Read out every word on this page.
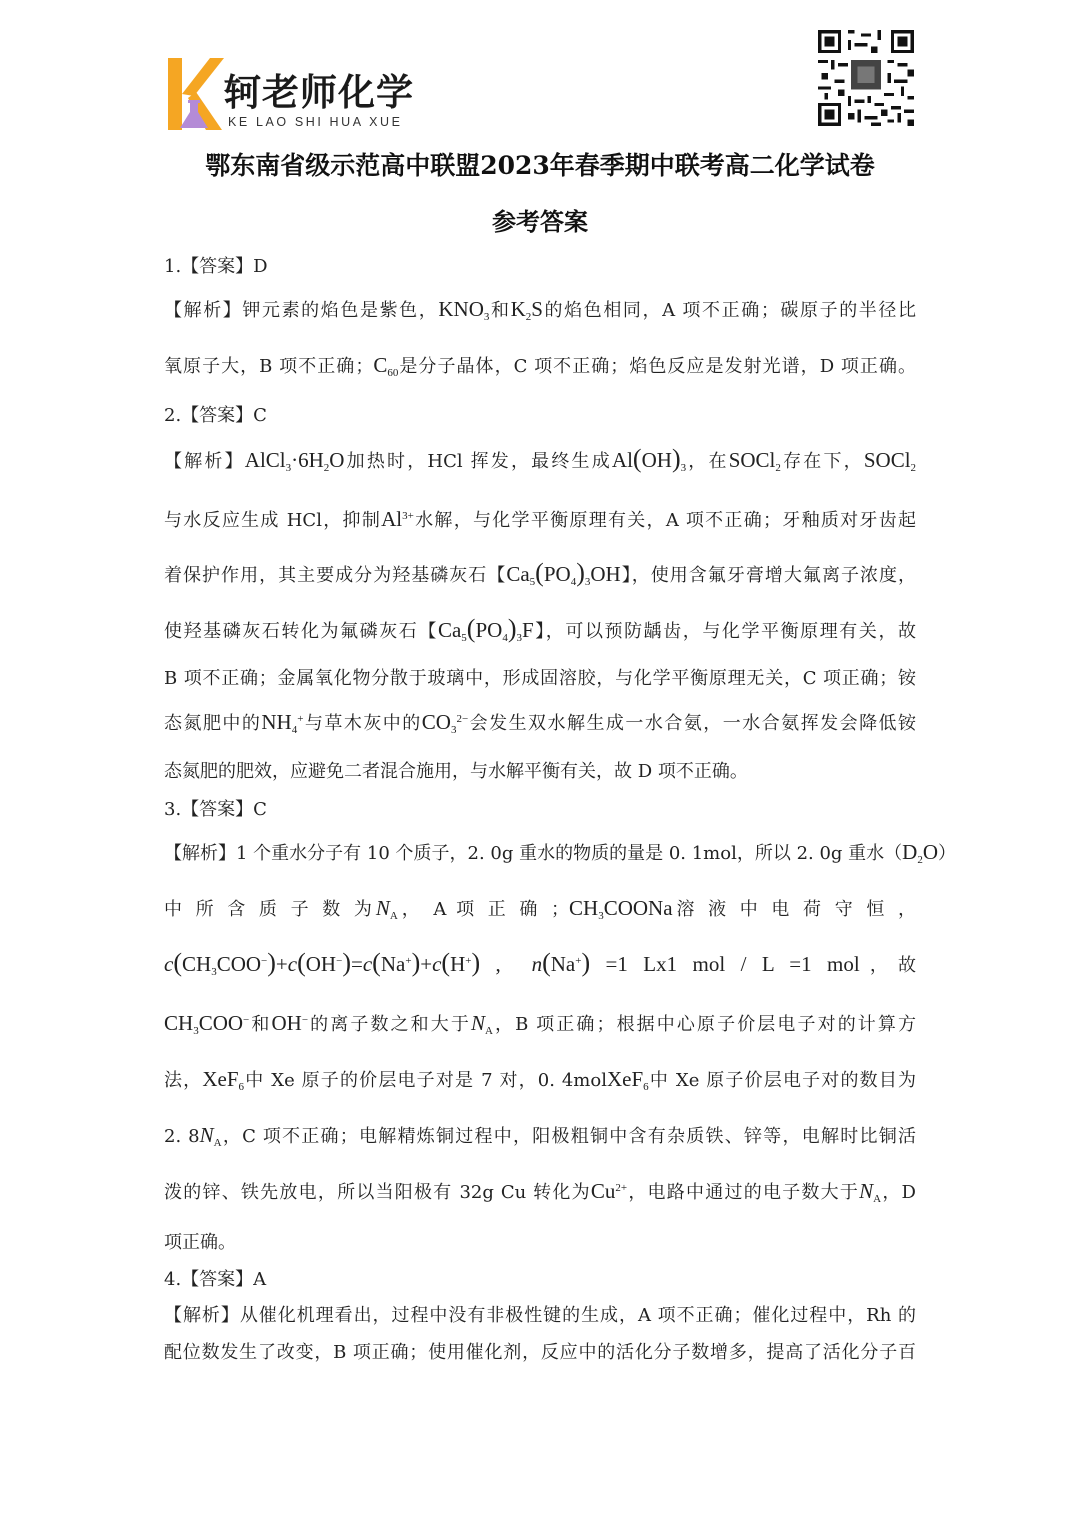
轲老师化学
KE LAO SHI HUA XUE
鄂东南省级示范高中联盟2023年春季期中联考高二化学试卷
参考答案
1.【答案】D
【解析】钾元素的焰色是紫色，$KNO_3$和$K_2S$的焰色相同，A 项不正确；碳原子的半径比
氧原子大，B 项不正确；$C_{60}$是分子晶体，C 项不正确；焰色反应是发射光谱，D 项正确。
2.【答案】C
【解析】$AlCl_3\cdot 6H_2O$加热时，HCl 挥发，最终生成$Al(OH)_3$，在SOCl$_2$存在下，SOCl$_2$
与水反应生成 HCl，抑制$Al^{3+}$水解，与化学平衡原理有关，A 项不正确；牙釉质对牙齿起
着保护作用，其主要成分为羟基磷灰石【$Ca_5(PO_4)_3OH$】，使用含氟牙膏增大氟离子浓度，
使羟基磷灰石转化为氟磷灰石【$Ca_5(PO_4)_3F$】，可以预防龋齿，与化学平衡原理有关，故
B 项不正确；金属氧化物分散于玻璃中，形成固溶胶，与化学平衡原理无关，C 项正确；铵
态氮肥中的$NH_4^+$与草木灰中的$CO_3^{2-}$会发生双水解生成一水合氨，一水合氨挥发会降低铵
态氮肥的肥效，应避免二者混合施用，与水解平衡有关，故 D 项不正确。
3.【答案】C
【解析】1 个重水分子有 10 个质子，2. 0g 重水的物质的量是 0. 1mol，所以 2. 0g 重水$(D_2O)$
中 所 含 质 子 数 为$N_A$， A 项 正 确 ；$CH_3COONa$溶 液 中 电 荷 守 恒 ，
$c(CH_3COO^-)+c(OH^-)=c(Na^+)+c(H^+)$ ,  n(Na+) =1 Lx1 mol / L =1 mol，故
$CH_3COO^-$和OH−的离子数之和大于$N_A$，B 项正确；根据中心原子价层电子对的计算方
法，XeF$_6$中 Xe 原子的价层电子对是 7 对，0. 4molXeF$_6$中 Xe 原子价层电子对的数目为
2. $8N_A$，C 项不正确；电解精炼铜过程中，阳极粗铜中含有杂质铁、锌等，电解时比铜活
泼的锌、铁先放电，所以当阳极有 32g Cu 转化为$Cu^{2+}$，电路中通过的电子数大于$N_A$，D
项正确。
4.【答案】A
【解析】从催化机理看出，过程中没有非极性键的生成，A 项不正确；催化过程中，Rh 的
配位数发生了改变，B 项正确；使用催化剂，反应中的活化分子数增多，提高了活化分子百
